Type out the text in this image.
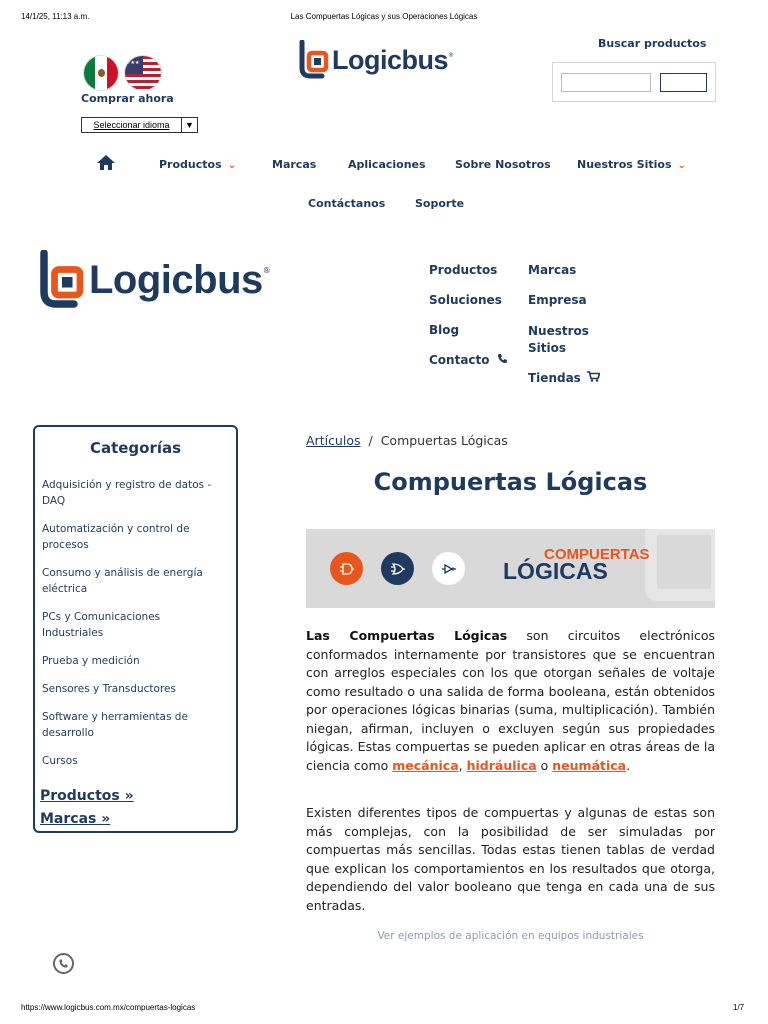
14/1/25, 11:13 a.m.	Las Compuertas Lógicas y sus Operaciones Lógicas
★★★
Comprar ahora
Seleccionar idioma	▼
Logicbus ®
Buscar productos
Productos ⌄	Marcas	Aplicaciones	Sobre Nosotros Nuestros Sitios ⌄
Contáctanos	Soporte
Logicbus ®	Productos
Soluciones
Blog
Contacto
Marcas
Empresa
Nuestros Sitios
Tiendas
Categorías
Adquisición y registro de datos - DAQ
Automatización y control de procesos
Consumo y análisis de energía eléctrica
PCs y Comunicaciones Industriales
Prueba y medición
Sensores y Transductores
Software y herramientas de desarrollo
Cursos
Productos »
Marcas »
Artículos / Compuertas Lógicas
Compuertas Lógicas
COMPUERTAS
LÓGICAS
Las Compuertas Lógicas son circuitos electrónicos conformados internamente por transistores que se encuentran con arreglos especiales con los que otorgan señales de voltaje como resultado o una salida de forma booleana, están obtenidos por operaciones lógicas binarias (suma, multiplicación). También niegan, afirman, incluyen o excluyen según sus propiedades lógicas. Estas compuertas se pueden aplicar en otras áreas de la ciencia como mecánica, hidráulica o neumática.
Existen diferentes tipos de compuertas y algunas de estas son más complejas, con la posibilidad de ser simuladas por compuertas más sencillas. Todas estas tienen tablas de verdad que explican los comportamientos en los resultados que otorga, dependiendo del valor booleano que tenga en cada una de sus entradas.
Ver ejemplos de aplicación en equipos industriales
https://www.logicbus.com.mx/compuertas-logicas	1/7
